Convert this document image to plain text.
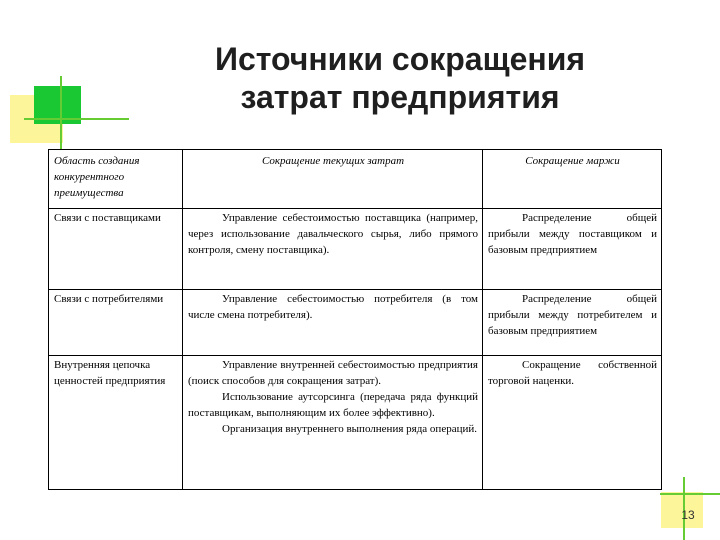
Источники сокращения
затрат предприятия
Область создания конкурентного преимущества	Сокращение текущих затрат	Сокращение маржи
Связи с поставщиками	Управление себестоимостью поставщика (например, через использование давальческого сырья, либо прямого контроля, смену поставщика).	Распределение общей прибыли между поставщиком и базовым предприятием

Связи с потребителями	Управление себестоимостью потребителя (в том числе смена потребителя).	Распределение общей прибыли между потребителем и базовым предприятием

Внутренняя цепочка ценностей предприятия	Управление внутренней себестоимостью предприятия (поиск способов для сокращения затрат).
Использование аутсорсинга (передача ряда функций поставщикам, выполняющим их более эффективно).
Организация внутреннего выполнения ряда операций.	Сокращение собственной торговой наценки.
13
